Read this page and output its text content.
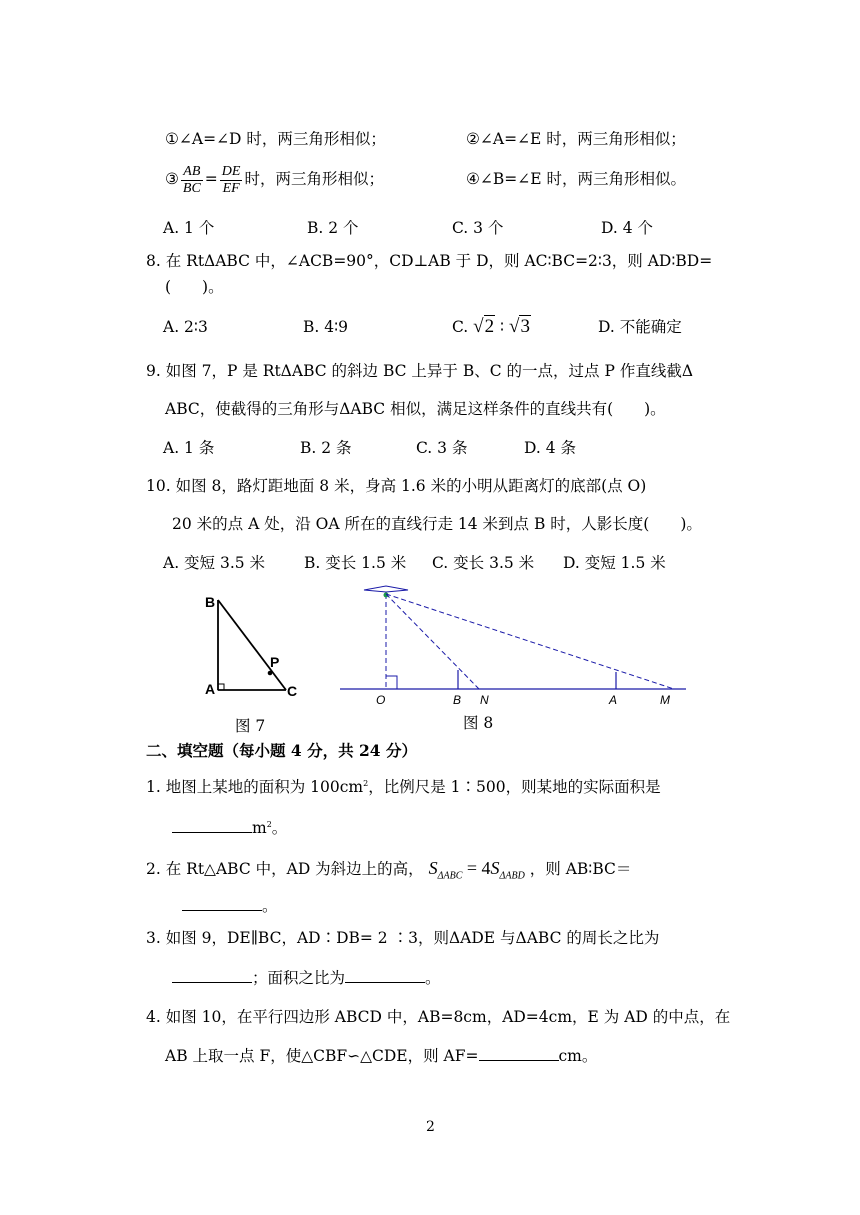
①∠A=∠D 时，两三角形相似；	②∠A=∠E 时，两三角形相似；
③ $\frac{AB}{BC} = \frac{DE}{EF}$ 时，两三角形相似；	④∠B=∠E 时，两三角形相似。
A. 1 个	B. 2 个	C. 3 个	D. 4 个
8. 在 RtΔABC 中，∠ACB=90°，CD⊥AB 于 D，则 AC∶BC=2∶3，则 AD∶BD=
(　　)。
A. 2∶3	B. 4∶9	C. √2 ∶ √3	D. 不能确定
9. 如图 7，P 是 RtΔABC 的斜边 BC 上异于 B、C 的一点，过点 P 作直线截Δ
ABC，使截得的三角形与ΔABC 相似，满足这样条件的直线共有(　　)。
A. 1 条	B. 2 条	C. 3 条	D. 4 条
10. 如图 8，路灯距地面 8 米，身高 1.6 米的小明从距离灯的底部(点 O)
20 米的点 A 处，沿 OA 所在的直线行走 14 米到点 B 时，人影长度(　　)。
A. 变短 3.5 米	B. 变长 1.5 米 C. 变长 3.5 米 D. 变短 1.5 米
B
A	C
P
图 7
O	B N	A	M
图 8
二、填空题（每小题 4 分，共 24 分）
1. 地图上某地的面积为 $100cm^2$，比例尺是 1∶500，则某地的实际面积是
$m^2$。
2. 在 Rt△ABC 中，AD 为斜边上的高， $S_{\Delta ABC} = 4S_{\Delta ABD}$ ，则 AB∶BC＝
。
3. 如图 9，DE∥BC，AD∶DB= 2 ∶3，则ΔADE 与ΔABC 的周长之比为
；面积之比为	。
4. 如图 10，在平行四边形 ABCD 中，AB=8cm，AD=4cm，E 为 AD 的中点，在
AB 上取一点 F，使△CBF∽△CDE，则 AF=	cm。
2
